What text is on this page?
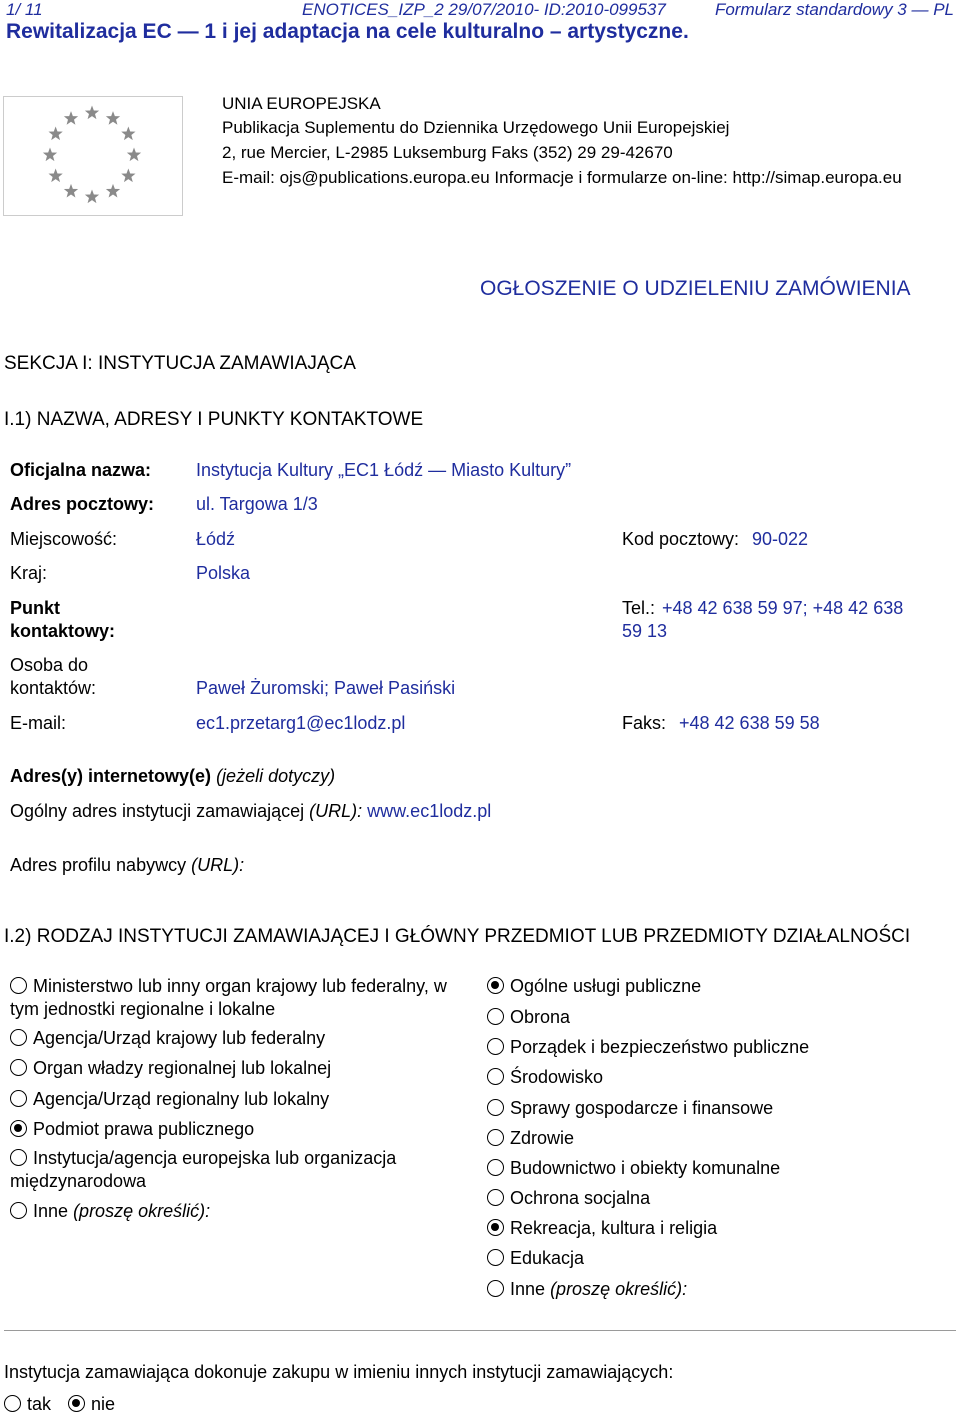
1/ 11	ENOTICES_IZP_2 29/07/2010- ID:2010-099537	Formularz standardowy 3 — PL
Rewitalizacja EC — 1 i jej adaptacja na cele kulturalno – artystyczne.
UNIA EUROPEJSKA
Publikacja Suplementu do Dziennika Urzędowego Unii Europejskiej
2, rue Mercier, L-2985 Luksemburg Faks (352) 29 29-42670
E-mail: ojs@publications.europa.eu Informacje i formularze on-line: http://simap.europa.eu
OGŁOSZENIE O UDZIELENIU ZAMÓWIENIA
SEKCJA I: INSTYTUCJA ZAMAWIAJĄCA
I.1) NAZWA, ADRESY I PUNKTY KONTAKTOWE
Oficjalna nazwa: Instytucja Kultury „EC1 Łódź — Miasto Kultury”
Adres pocztowy: ul. Targowa 1/3
Miejscowość:	Łódź	Kod pocztowy: 90-022
Kraj:	Polska
Punkt
kontaktowy:
Tel.: +48 42 638 59 97; +48 42 638
59 13
Osoba do
kontaktów:	Paweł Żuromski; Paweł Pasiński
E-mail:	ec1.przetarg1@ec1lodz.pl	Faks: +48 42 638 59 58
Adres(y) internetowy(e) (jeżeli dotyczy)
Ogólny adres instytucji zamawiającej (URL): www.ec1lodz.pl
Adres profilu nabywcy (URL):
I.2) RODZAJ INSTYTUCJI ZAMAWIAJĄCEJ I GŁÓWNY PRZEDMIOT LUB PRZEDMIOTY DZIAŁALNOŚCI
Ministerstwo lub inny organ krajowy lub federalny, w tym jednostki regionalne i lokalne
Agencja/Urząd krajowy lub federalny
Organ władzy regionalnej lub lokalnej
Agencja/Urząd regionalny lub lokalny
Podmiot prawa publicznego
Instytucja/agencja europejska lub organizacja międzynarodowa
Inne (proszę określić):
Ogólne usługi publiczne
Obrona
Porządek i bezpieczeństwo publiczne
Środowisko
Sprawy gospodarcze i finansowe
Zdrowie
Budownictwo i obiekty komunalne
Ochrona socjalna
Rekreacja, kultura i religia
Edukacja
Inne (proszę określić):
Instytucja zamawiająca dokonuje zakupu w imieniu innych instytucji zamawiających:
tak nie
